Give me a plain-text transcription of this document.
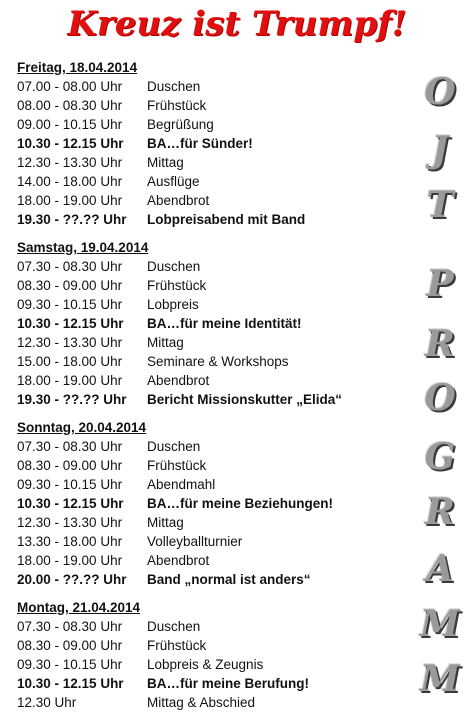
Kreuz ist Trumpf!
Freitag, 18.04.2014
07.00 - 08.00 Uhr Duschen
08.00 - 08.30 Uhr Frühstück
09.00 - 10.15 Uhr Begrüßung
10.30 - 12.15 Uhr BA…für Sünder!
12.30 - 13.30 Uhr Mittag
14.00 - 18.00 Uhr Ausflüge
18.00 - 19.00 Uhr Abendbrot
19.30 - ??.?? Uhr Lobpreisabend mit Band
Samstag, 19.04.2014
07.30 - 08.30 Uhr Duschen
08.30 - 09.00 Uhr Frühstück
09.30 - 10.15 Uhr Lobpreis
10.30 - 12.15 Uhr BA…für meine Identität!
12.30 - 13.30 Uhr Mittag
15.00 - 18.00 Uhr Seminare & Workshops
18.00 - 19.00 Uhr Abendbrot
19.30 - ??.?? Uhr Bericht Missionskutter „Elida“
Sonntag, 20.04.2014
07.30 - 08.30 Uhr Duschen
08.30 - 09.00 Uhr Frühstück
09.30 - 10.15 Uhr Abendmahl
10.30 - 12.15 Uhr BA…für meine Beziehungen!
12.30 - 13.30 Uhr Mittag
13.30 - 18.00 Uhr Volleyballturnier
18.00 - 19.00 Uhr Abendbrot
20.00 - ??.?? Uhr Band „normal ist anders“
Montag, 21.04.2014
07.30 - 08.30 Uhr Duschen
08.30 - 09.00 Uhr Frühstück
09.30 - 10.15 Uhr Lobpreis & Zeugnis
10.30 - 12.15 Uhr BA…für meine Berufung!
12.30 Uhr	Mittag & Abschied
O
J
T
P
R
O
G
R
A
M
M
